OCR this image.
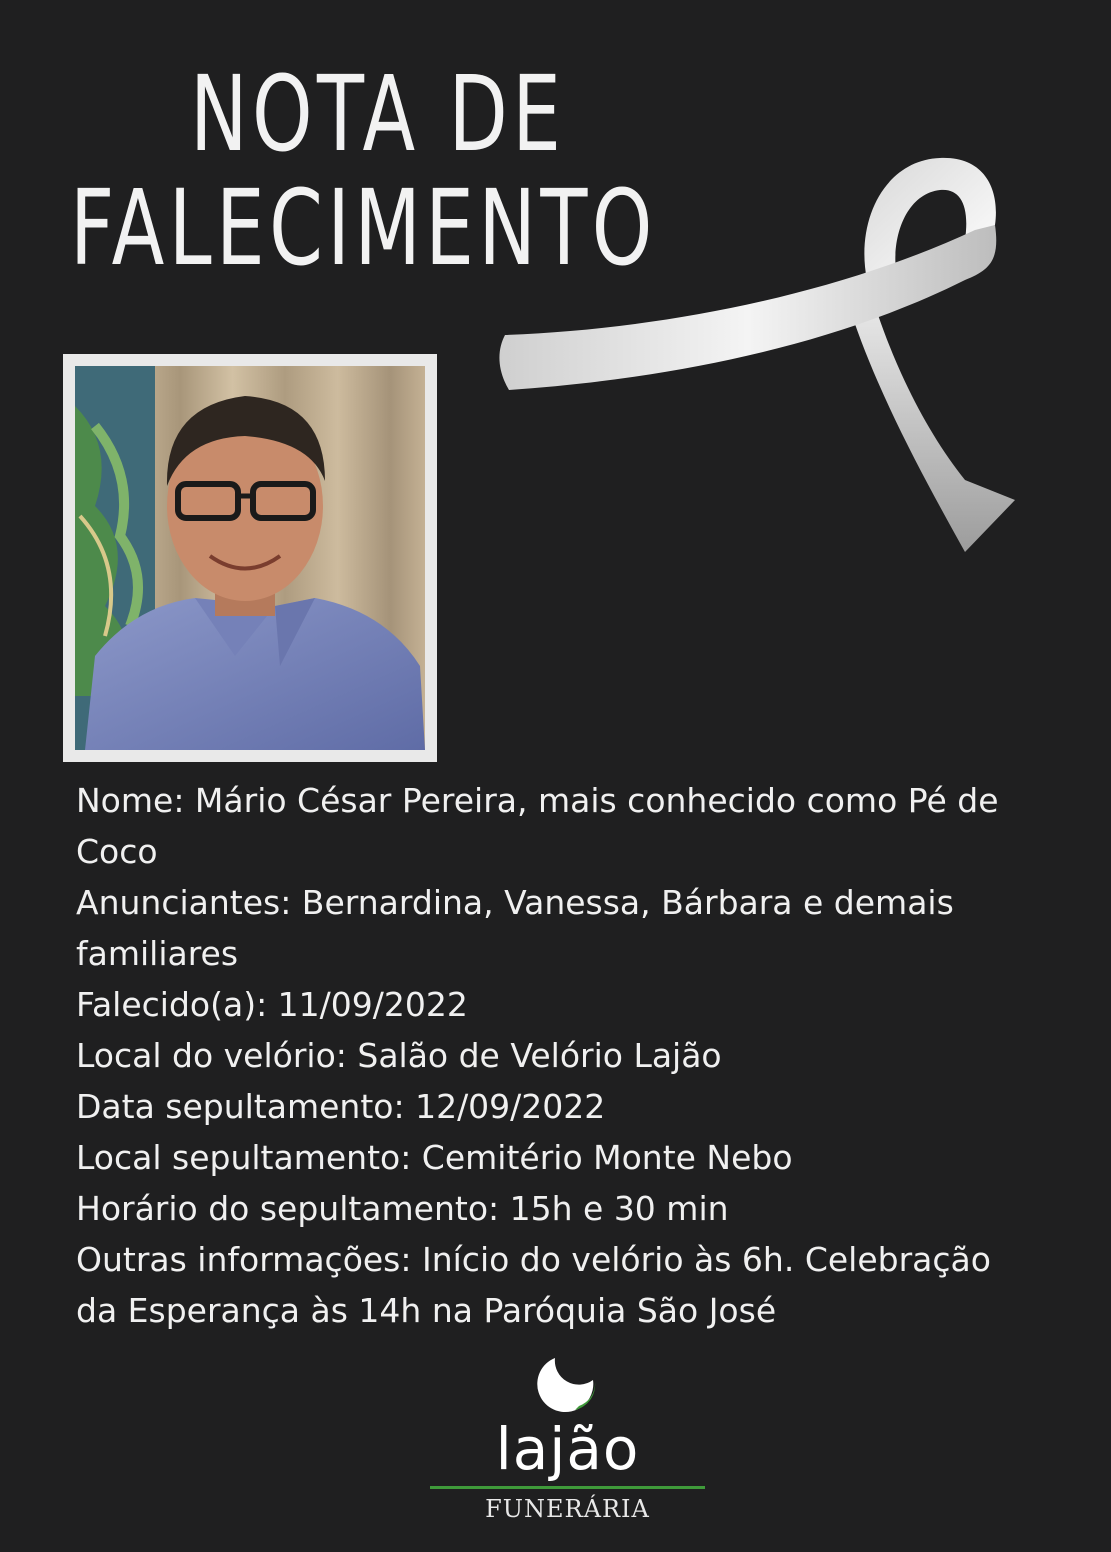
NOTA DE
FALECIMENTO
Nome: Mário César Pereira, mais conhecido como Pé de
Coco
Anunciantes: Bernardina, Vanessa, Bárbara e demais
familiares
Falecido(a): 11/09/2022
Local do velório: Salão de Velório Lajão
Data sepultamento: 12/09/2022
Local sepultamento: Cemitério Monte Nebo
Horário do sepultamento: 15h e 30 min
Outras informações: Início do velório às 6h. Celebração
da Esperança às 14h na Paróquia São José
lajão
FUNERÁRIA
